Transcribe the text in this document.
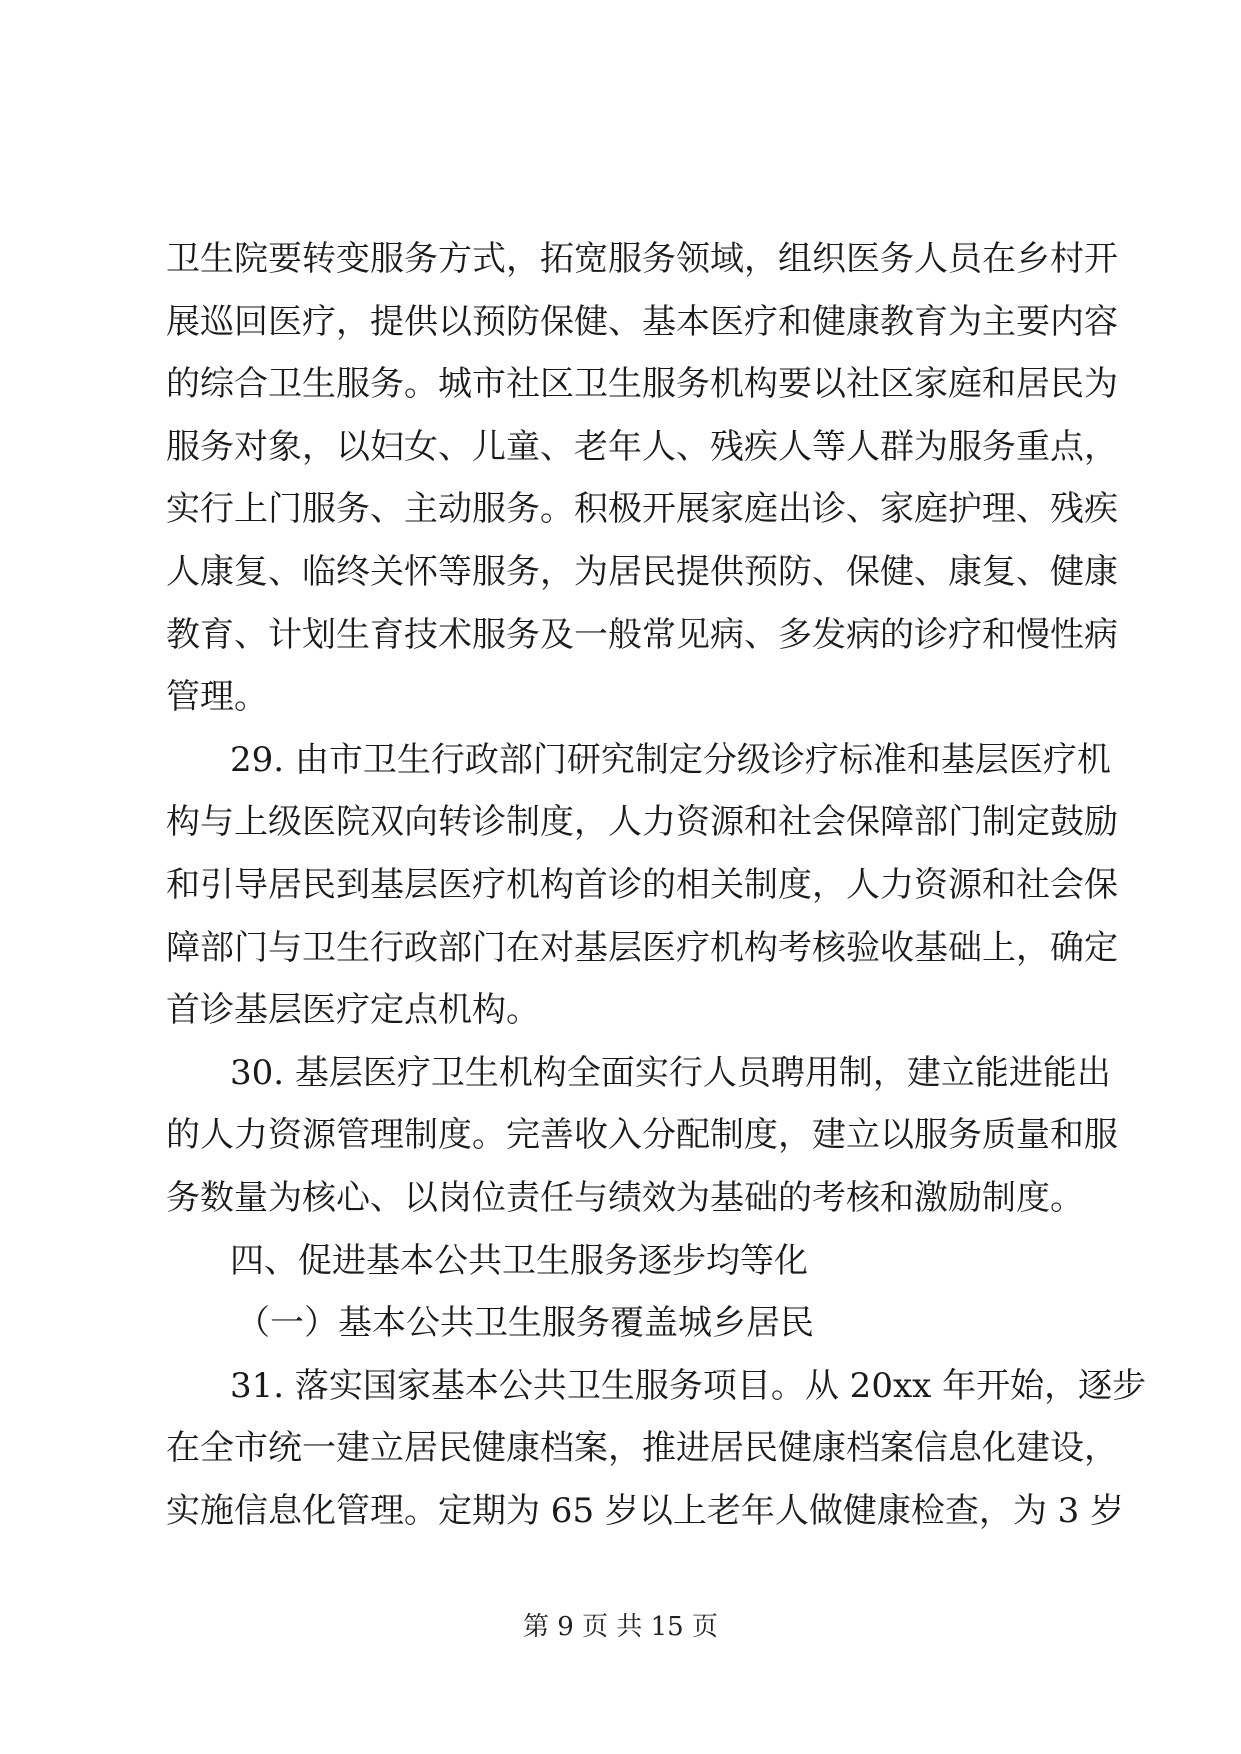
卫生院要转变服务方式，拓宽服务领域，组织医务人员在乡村开
展巡回医疗，提供以预防保健、基本医疗和健康教育为主要内容
的综合卫生服务。城市社区卫生服务机构要以社区家庭和居民为
服务对象，以妇女、儿童、老年人、残疾人等人群为服务重点，
实行上门服务、主动服务。积极开展家庭出诊、家庭护理、残疾
人康复、临终关怀等服务，为居民提供预防、保健、康复、健康
教育、计划生育技术服务及一般常见病、多发病的诊疗和慢性病
管理。
29. 由市卫生行政部门研究制定分级诊疗标准和基层医疗机
构与上级医院双向转诊制度，人力资源和社会保障部门制定鼓励
和引导居民到基层医疗机构首诊的相关制度，人力资源和社会保
障部门与卫生行政部门在对基层医疗机构考核验收基础上，确定
首诊基层医疗定点机构。
30. 基层医疗卫生机构全面实行人员聘用制，建立能进能出
的人力资源管理制度。完善收入分配制度，建立以服务质量和服
务数量为核心、以岗位责任与绩效为基础的考核和激励制度。
四、促进基本公共卫生服务逐步均等化
（一）基本公共卫生服务覆盖城乡居民
31. 落实国家基本公共卫生服务项目。从 20xx 年开始，逐步
在全市统一建立居民健康档案，推进居民健康档案信息化建设，
实施信息化管理。定期为 65 岁以上老年人做健康检查，为 3 岁
第 9 页 共 15 页
